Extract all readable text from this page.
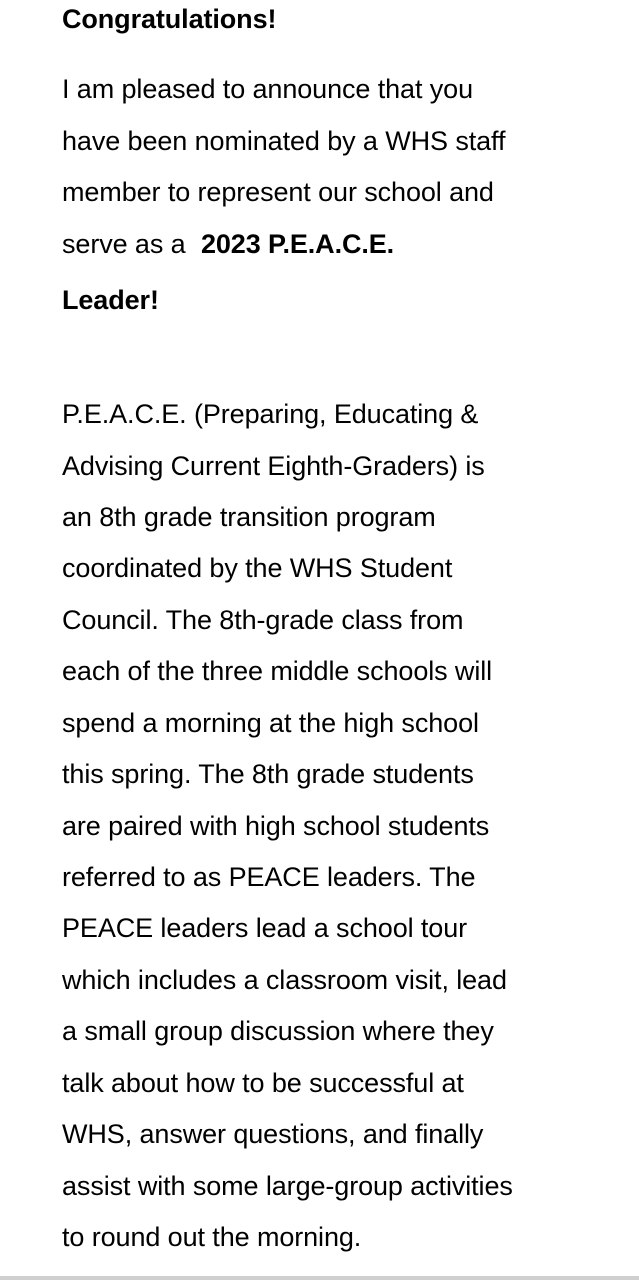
Congratulations!
I am pleased to announce that you
have been nominated by a WHS staff
member to represent our school and
serve as a 2023 P.E.A.C.E.
Leader!
P.E.A.C.E. (Preparing, Educating &
Advising Current Eighth-Graders) is
an 8th grade transition program
coordinated by the WHS Student
Council. The 8th-grade class from
each of the three middle schools will
spend a morning at the high school
this spring. The 8th grade students
are paired with high school students
referred to as PEACE leaders. The
PEACE leaders lead a school tour
which includes a classroom visit, lead
a small group discussion where they
talk about how to be successful at
WHS, answer questions, and finally
assist with some large-group activities
to round out the morning.
